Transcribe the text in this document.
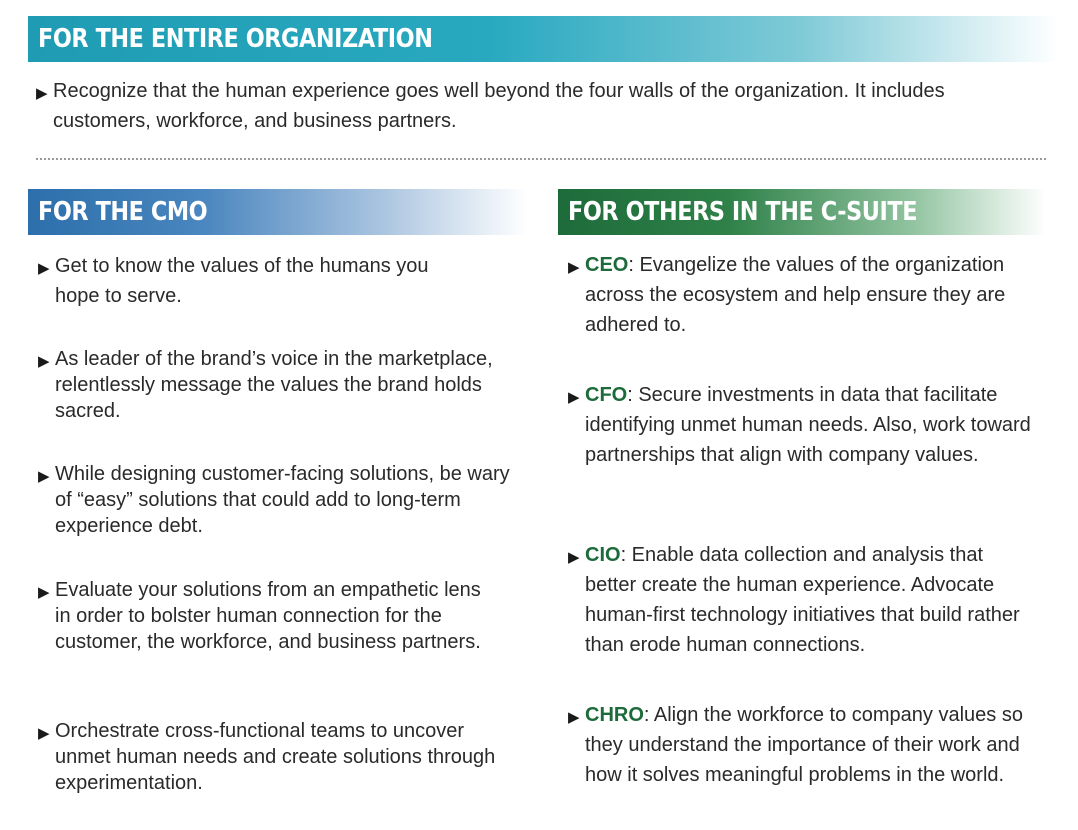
FOR THE ENTIRE ORGANIZATION
▶ Recognize that the human experience goes well beyond the four walls of the organization. It includes customers, workforce, and business partners.
FOR THE CMO
▶ Get to know the values of the humans you hope to serve.
▶ As leader of the brand’s voice in the marketplace, relentlessly message the values the brand holds sacred.
▶ While designing customer-facing solutions, be wary of “easy” solutions that could add to long-term experience debt.
▶ Evaluate your solutions from an empathetic lens in order to bolster human connection for the customer, the workforce, and business partners.
▶ Orchestrate cross-functional teams to uncover unmet human needs and create solutions through experimentation.
FOR OTHERS IN THE C-SUITE
▶ CEO: Evangelize the values of the organization across the ecosystem and help ensure they are adhered to.
▶ CFO: Secure investments in data that facilitate identifying unmet human needs. Also, work toward partnerships that align with company values.
▶ CIO: Enable data collection and analysis that better create the human experience. Advocate human-first technology initiatives that build rather than erode human connections.
▶ CHRO: Align the workforce to company values so they understand the importance of their work and how it solves meaningful problems in the world.
